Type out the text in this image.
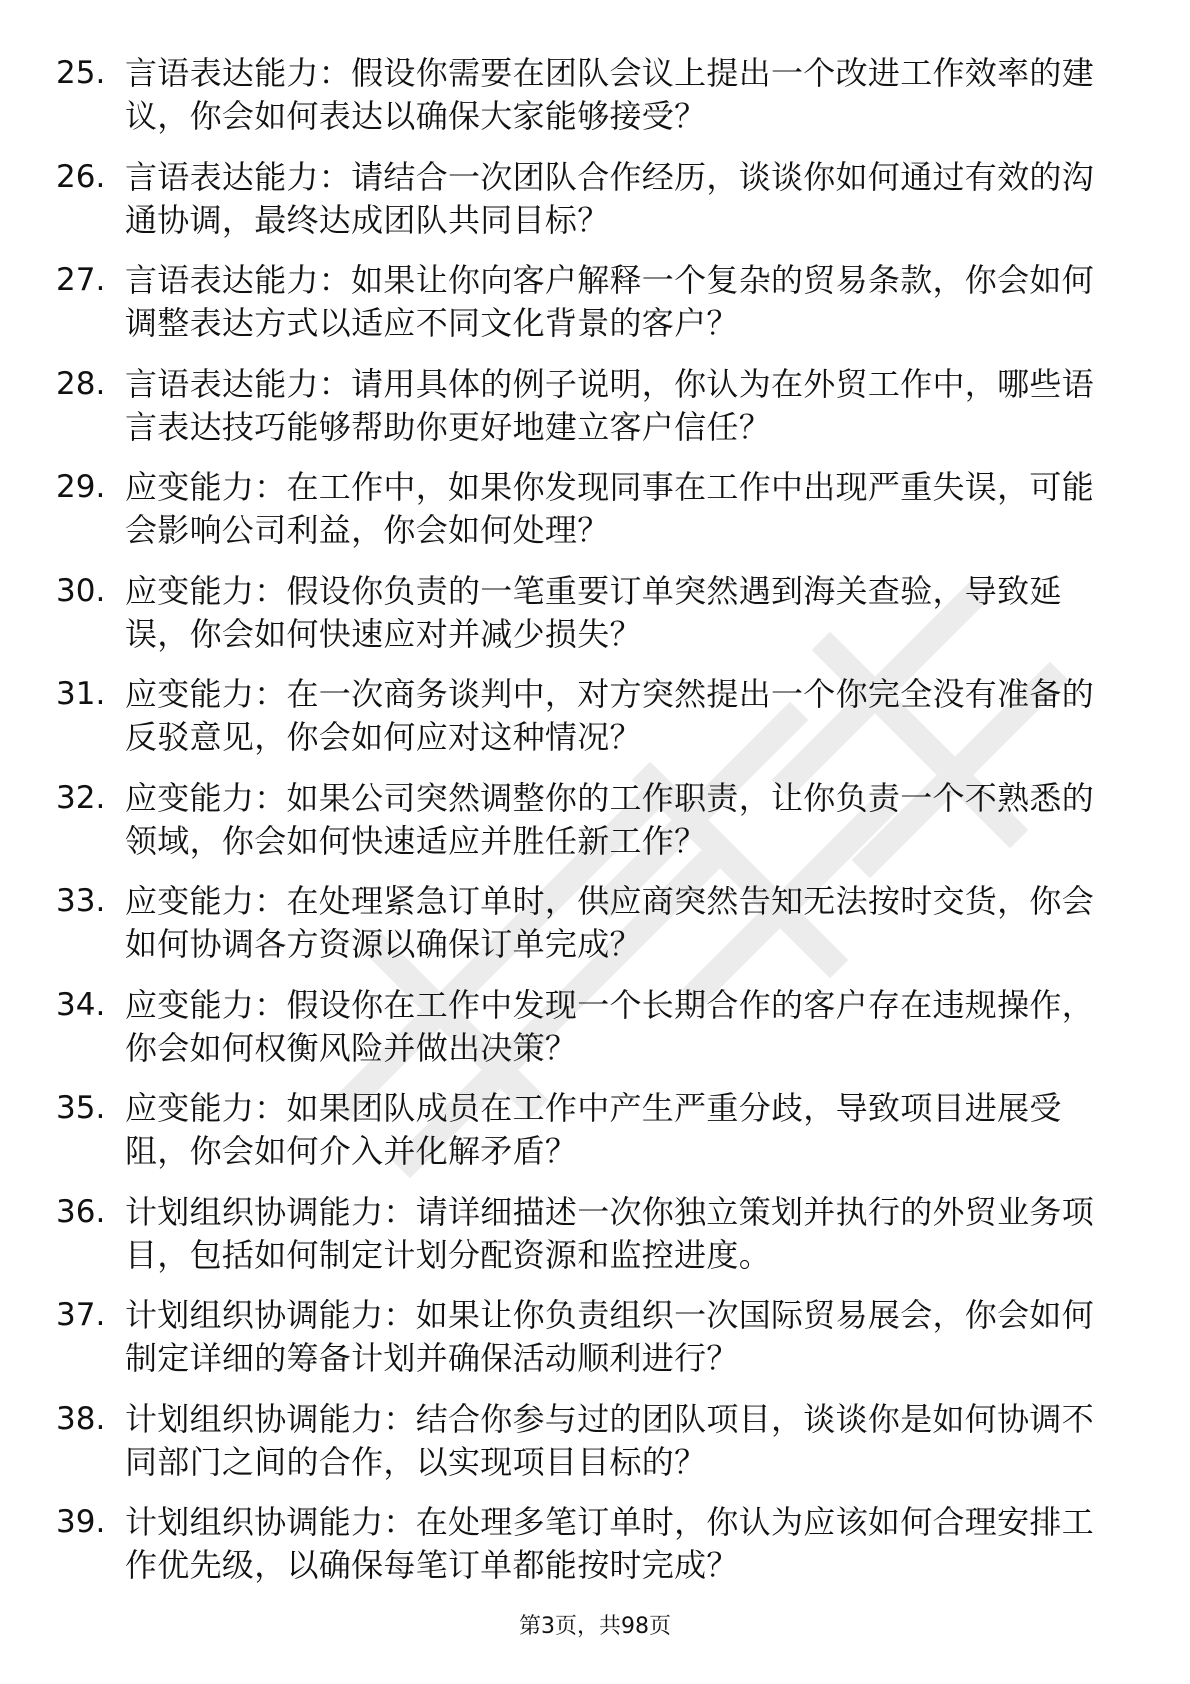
25. 言语表达能力：假设你需要在团队会议上提出一个改进工作效率的建议，你会如何表达以确保大家能够接受？
26. 言语表达能力：请结合一次团队合作经历，谈谈你如何通过有效的沟通协调，最终达成团队共同目标？
27. 言语表达能力：如果让你向客户解释一个复杂的贸易条款，你会如何调整表达方式以适应不同文化背景的客户？
28. 言语表达能力：请用具体的例子说明，你认为在外贸工作中，哪些语言表达技巧能够帮助你更好地建立客户信任？
29. 应变能力：在工作中，如果你发现同事在工作中出现严重失误，可能会影响公司利益，你会如何处理？
30. 应变能力：假设你负责的一笔重要订单突然遇到海关查验，导致延误，你会如何快速应对并减少损失？
31. 应变能力：在一次商务谈判中，对方突然提出一个你完全没有准备的反驳意见，你会如何应对这种情况？
32. 应变能力：如果公司突然调整你的工作职责，让你负责一个不熟悉的领域，你会如何快速适应并胜任新工作？
33. 应变能力：在处理紧急订单时，供应商突然告知无法按时交货，你会如何协调各方资源以确保订单完成？
34. 应变能力：假设你在工作中发现一个长期合作的客户存在违规操作，你会如何权衡风险并做出决策？
35. 应变能力：如果团队成员在工作中产生严重分歧，导致项目进展受阻，你会如何介入并化解矛盾？
36. 计划组织协调能力：请详细描述一次你独立策划并执行的外贸业务项目，包括如何制定计划分配资源和监控进度。
37. 计划组织协调能力：如果让你负责组织一次国际贸易展会，你会如何制定详细的筹备计划并确保活动顺利进行？
38. 计划组织协调能力：结合你参与过的团队项目，谈谈你是如何协调不同部门之间的合作，以实现项目目标的？
39. 计划组织协调能力：在处理多笔订单时，你认为应该如何合理安排工作优先级，以确保每笔订单都能按时完成？
第3页，共98页
